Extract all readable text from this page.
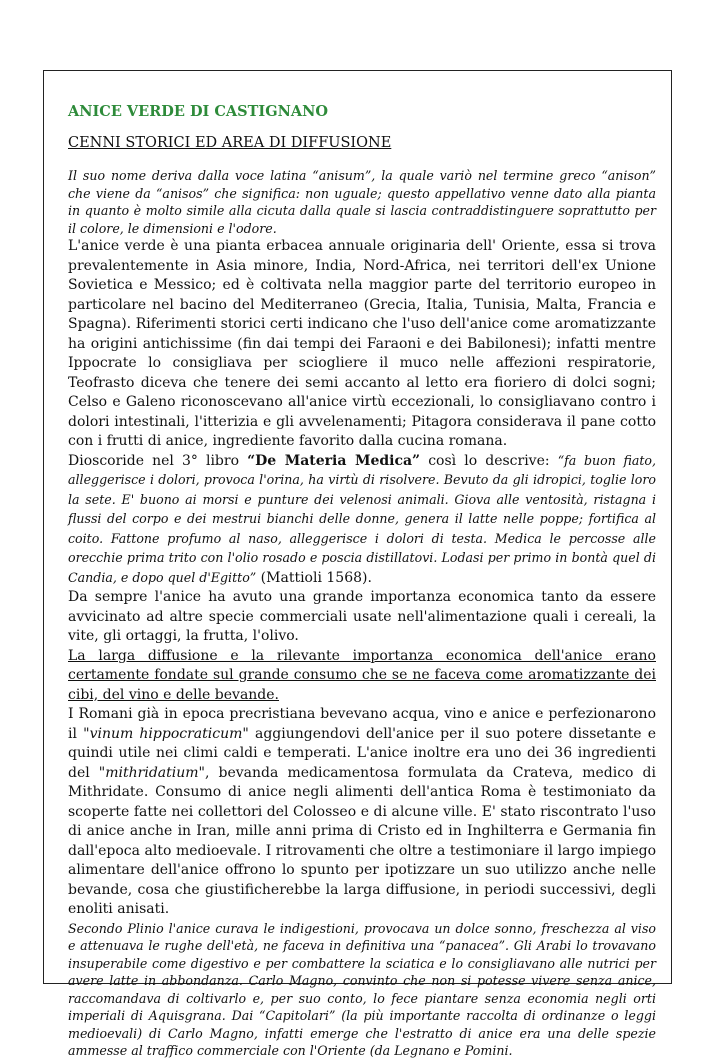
ANICE VERDE DI CASTIGNANO
CENNI STORICI ED AREA DI DIFFUSIONE

Il suo nome deriva dalla voce latina “anisum”, la quale variò nel termine greco “anison” che viene da “anisos” che significa: non uguale; questo appellativo venne dato alla pianta in quanto è molto simile alla cicuta dalla quale si lascia contraddistinguere soprattutto per il colore, le dimensioni e l'odore.

L'anice verde è una pianta erbacea annuale originaria dell' Oriente, essa si trova prevalentemente in Asia minore, India, Nord-Africa, nei territori dell'ex Unione Sovietica e Messico; ed è coltivata nella maggior parte del territorio europeo in particolare nel bacino del Mediterraneo (Grecia, Italia, Tunisia, Malta, Francia e Spagna). Riferimenti storici certi indicano che l'uso dell'anice come aromatizzante ha origini antichissime (fin dai tempi dei Faraoni e dei Babilonesi); infatti mentre Ippocrate lo consigliava per sciogliere il muco nelle affezioni respiratorie, Teofrasto diceva che tenere dei semi accanto al letto era fioriero di dolci sogni; Celso e Galeno riconoscevano all'anice virtù eccezionali, lo consigliavano contro i dolori intestinali, l'itterizia e gli avvelenamenti; Pitagora considerava il pane cotto con i frutti di anice, ingrediente favorito dalla cucina romana.

Dioscoride nel 3° libro “De Materia Medica” così lo descrive: “fa buon fiato, alleggerisce i dolori, provoca l'orina, ha virtù di risolvere. Bevuto da gli idropici, toglie loro la sete. E' buono ai morsi e punture dei velenosi animali. Giova alle ventosità, ristagna i flussi del corpo e dei mestrui bianchi delle donne, genera il latte nelle poppe; fortifica al coito. Fattone profumo al naso, alleggerisce i dolori di testa. Medica le percosse alle orecchie prima trito con l'olio rosado e poscia distillatovi. Lodasi per primo in bontà quel di Candia, e dopo quel d'Egitto” (Mattioli 1568).

Da sempre l'anice ha avuto una grande importanza economica tanto da essere avvicinato ad altre specie commerciali usate nell'alimentazione quali i cereali, la vite, gli ortaggi, la frutta, l'olivo.

La larga diffusione e la rilevante importanza economica dell'anice erano certamente fondate sul grande consumo che se ne faceva come aromatizzante dei cibi, del vino e delle bevande.

I Romani già in epoca precristiana bevevano acqua, vino e anice e perfezionarono il "vinum hippocraticum" aggiungendovi dell'anice per il suo potere dissetante e quindi utile nei climi caldi e temperati. L'anice inoltre era uno dei 36 ingredienti del "mithridatium", bevanda medicamentosa formulata da Crateva, medico di Mithridate. Consumo di anice negli alimenti dell'antica Roma è testimoniato da scoperte fatte nei collettori del Colosseo e di alcune ville. E' stato riscontrato l'uso di anice anche in Iran, mille anni prima di Cristo ed in Inghilterra e Germania fin dall'epoca alto medioevale. I ritrovamenti che oltre a testimoniare il largo impiego alimentare dell'anice offrono lo spunto per ipotizzare un suo utilizzo anche nelle bevande, cosa che giustificherebbe la larga diffusione, in periodi successivi, degli enoliti anisati.

Secondo Plinio l'anice curava le indigestioni, provocava un dolce sonno, freschezza al viso e attenuava le rughe dell'età, ne faceva in definitiva una “panacea”. Gli Arabi lo trovavano insuperabile come digestivo e per combattere la sciatica e lo consigliavano alle nutrici per avere latte in abbondanza. Carlo Magno, convinto che non si potesse vivere senza anice, raccomandava di coltivarlo e, per suo conto, lo fece piantare senza economia negli orti imperiali di Aquisgrana. Dai “Capitolari” (la più importante raccolta di ordinanze o leggi medioevali) di Carlo Magno, infatti emerge che l'estratto di anice era una delle spezie ammesse al traffico commerciale con l'Oriente (da Legnano e Pomini.
